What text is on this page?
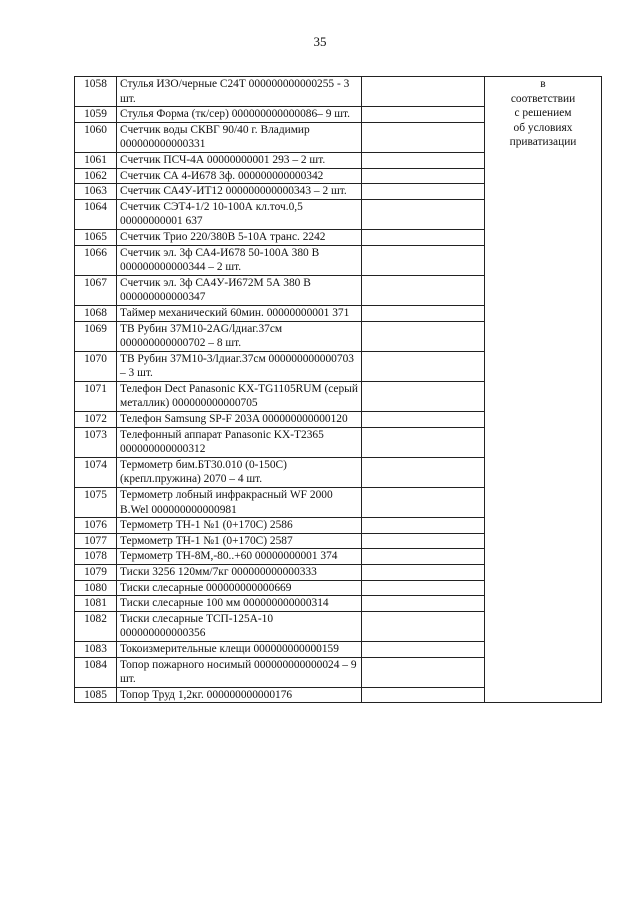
35
1058	Стулья ИЗО/черные С24Т 000000000000255 - 3 шт.		в
соответствии
с решением
об условиях
приватизации

1059	Стулья Форма (тк/сер) 000000000000086– 9 шт.		
1060	Счетчик воды СКВГ 90/40 г. Владимир 000000000000331		
1061	Счетчик ПСЧ-4А 00000000001 293 – 2 шт.		
1062	Счетчик СА 4-И678 3ф. 000000000000342		
1063	Счетчик СА4У-ИТ12 000000000000343 – 2 шт.		
1064	Счетчик СЭТ4-1/2 10-100А кл.точ.0,5 00000000001 637		
1065	Счетчик Трио 220/380В 5-10А транс. 2242		
1066	Счетчик эл. 3ф СА4-И678 50-100А 380 В 000000000000344 – 2 шт.		
1067	Счетчик эл. 3ф СА4У-И672М 5А 380 В 000000000000347		
1068	Таймер механический 60мин. 00000000001 371		
1069	ТВ Рубин 37М10-2AG/lдиаг.37см 000000000000702 – 8 шт.		
1070	ТВ Рубин 37М10-3/lдиаг.37см 000000000000703 – 3 шт.		
1071	Телефон Dect Panasonic KX-TG1105RUM (серый металлик) 000000000000705		
1072	Телефон Samsung SP-F 203A 000000000000120		
1073	Телефонный аппарат Panasonic KX-T2365 000000000000312		
1074	Термометр бим.БТ30.010 (0-150С) (крепл.пружина) 2070 – 4 шт.		
1075	Термометр лобный инфракрасный WF 2000 B.Wel 000000000000981		
1076	Термометр ТН-1 №1 (0+170С) 2586		
1077	Термометр ТН-1 №1 (0+170С) 2587		
1078	Термометр ТН-8М,-80..+60 00000000001 374		
1079	Тиски 3256 120мм/7кг 000000000000333		
1080	Тиски слесарные 000000000000669		
1081	Тиски слесарные 100 мм 000000000000314		
1082	Тиски слесарные ТСП-125А-10 000000000000356		
1083	Токоизмерительные клещи 000000000000159		
1084	Топор пожарного носимый 000000000000024 – 9 шт.		
1085	Топор Труд 1,2кг. 000000000000176		
